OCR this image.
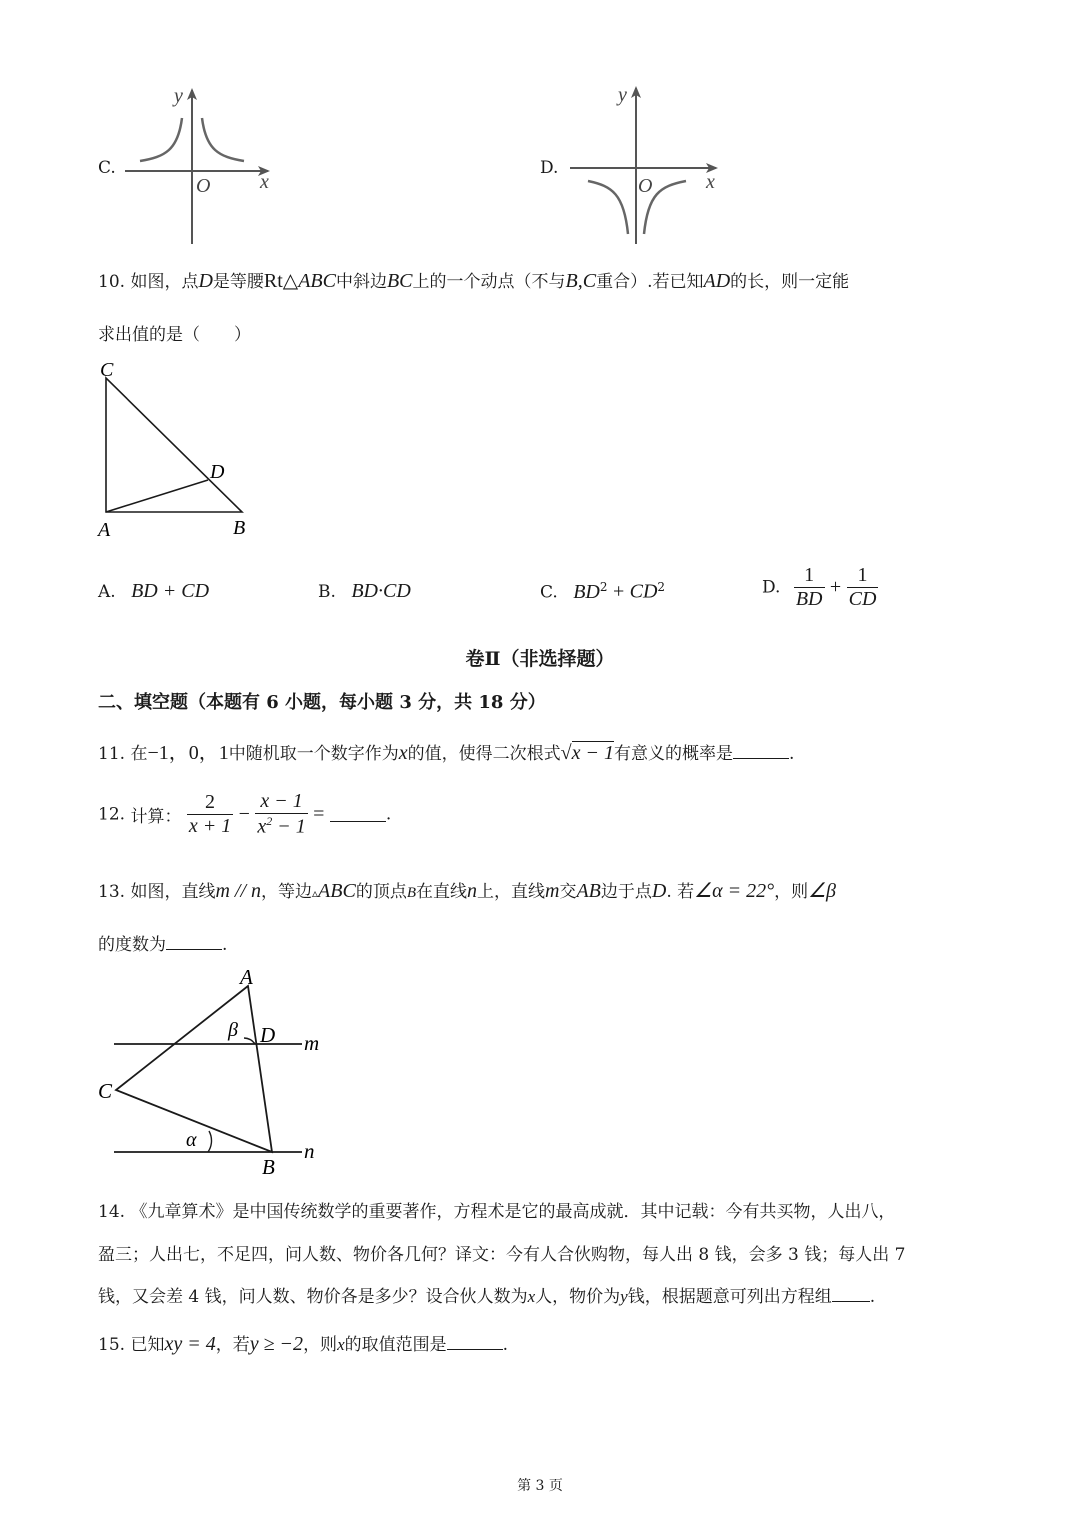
C.
x
y
O
D.
x
y
O
10. 如图，点D是等腰Rt△ABC中斜边BC上的一个动点（不与B,C重合）.若已知AD的长，则一定能
求出值的是（　　）
C
D
A	B
A. BD + CD	B. BD·CD	C. $BD^2 + CD^2$	D. $\frac{1}{BD} + \frac{1}{CD}$
卷Ⅱ（非选择题）
二、填空题（本题有 6 小题，每小题 3 分，共 18 分）
11. 在−1，0，1中随机取一个数字作为x的值，使得二次根式√x − 1有意义的概率是	.
12. 计算： $\frac{2}{x + 1} - \frac{x - 1}{x^2 - 1}$ =	.
13. 如图，直线m // n，等边▵ABC的顶点B在直线n上，直线m交AB边于点D. 若∠α = 22°，则∠β
的度数为	.
A
D m
C
B
n
α
β
14. 《九章算术》是中国传统数学的重要著作，方程术是它的最高成就．其中记载：今有共买物，人出八，
盈三；人出七，不足四，问人数、物价各几何？译文：今有人合伙购物，每人出 8 钱，会多 3 钱；每人出 7
钱，又会差 4 钱，问人数、物价各是多少？设合伙人数为x人，物价为y钱，根据题意可列出方程组 .
15. 已知xy = 4，若y ≥ −2，则x的取值范围是	.
第 3 页
